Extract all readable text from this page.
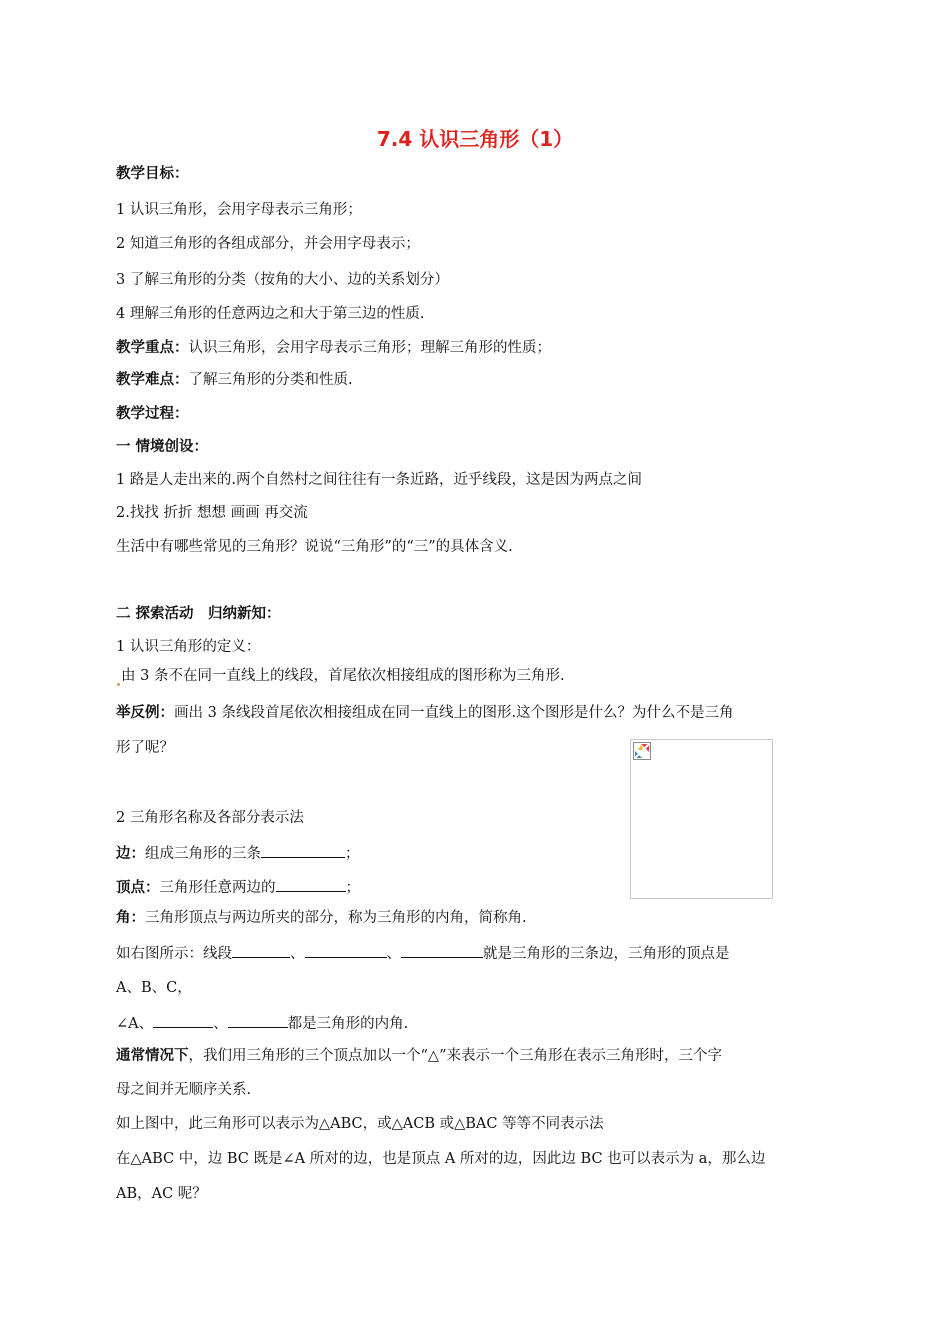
7.4 认识三角形（1）
教学目标：
1 认识三角形，会用字母表示三角形；
2 知道三角形的各组成部分，并会用字母表示；
3 了解三角形的分类（按角的大小、边的关系划分）
4 理解三角形的任意两边之和大于第三边的性质.
教学重点：认识三角形，会用字母表示三角形；理解三角形的性质；
教学难点：了解三角形的分类和性质.
教学过程：
一 情境创设：
1 路是人走出来的.两个自然村之间往往有一条近路，近乎线段，这是因为两点之间
2.找找 折折 想想 画画 再交流
生活中有哪些常见的三角形？说说“三角形”的“三”的具体含义.
二 探索活动　归纳新知：
1 认识三角形的定义：
由 3 条不在同一直线上的线段，首尾依次相接组成的图形称为三角形.
举反例：画出 3 条线段首尾依次相接组成在同一直线上的图形.这个图形是什么？为什么不是三角
形了呢？
2 三角形名称及各部分表示法
边：组成三角形的三条	；
顶点：三角形任意两边的	；
角：三角形顶点与两边所夹的部分，称为三角形的内角，简称角.
如右图所示：线段	、	、	就是三角形的三条边，三角形的顶点是
A、B、C，
∠A、	、	都是三角形的内角.
通常情况下，我们用三角形的三个顶点加以一个“△”来表示一个三角形在表示三角形时，三个字
母之间并无顺序关系.
如上图中，此三角形可以表示为△ABC，或△ACB 或△BAC 等等不同表示法
在△ABC 中，边 BC 既是∠A 所对的边，也是顶点 A 所对的边，因此边 BC 也可以表示为 a，那么边
AB，AC 呢？
